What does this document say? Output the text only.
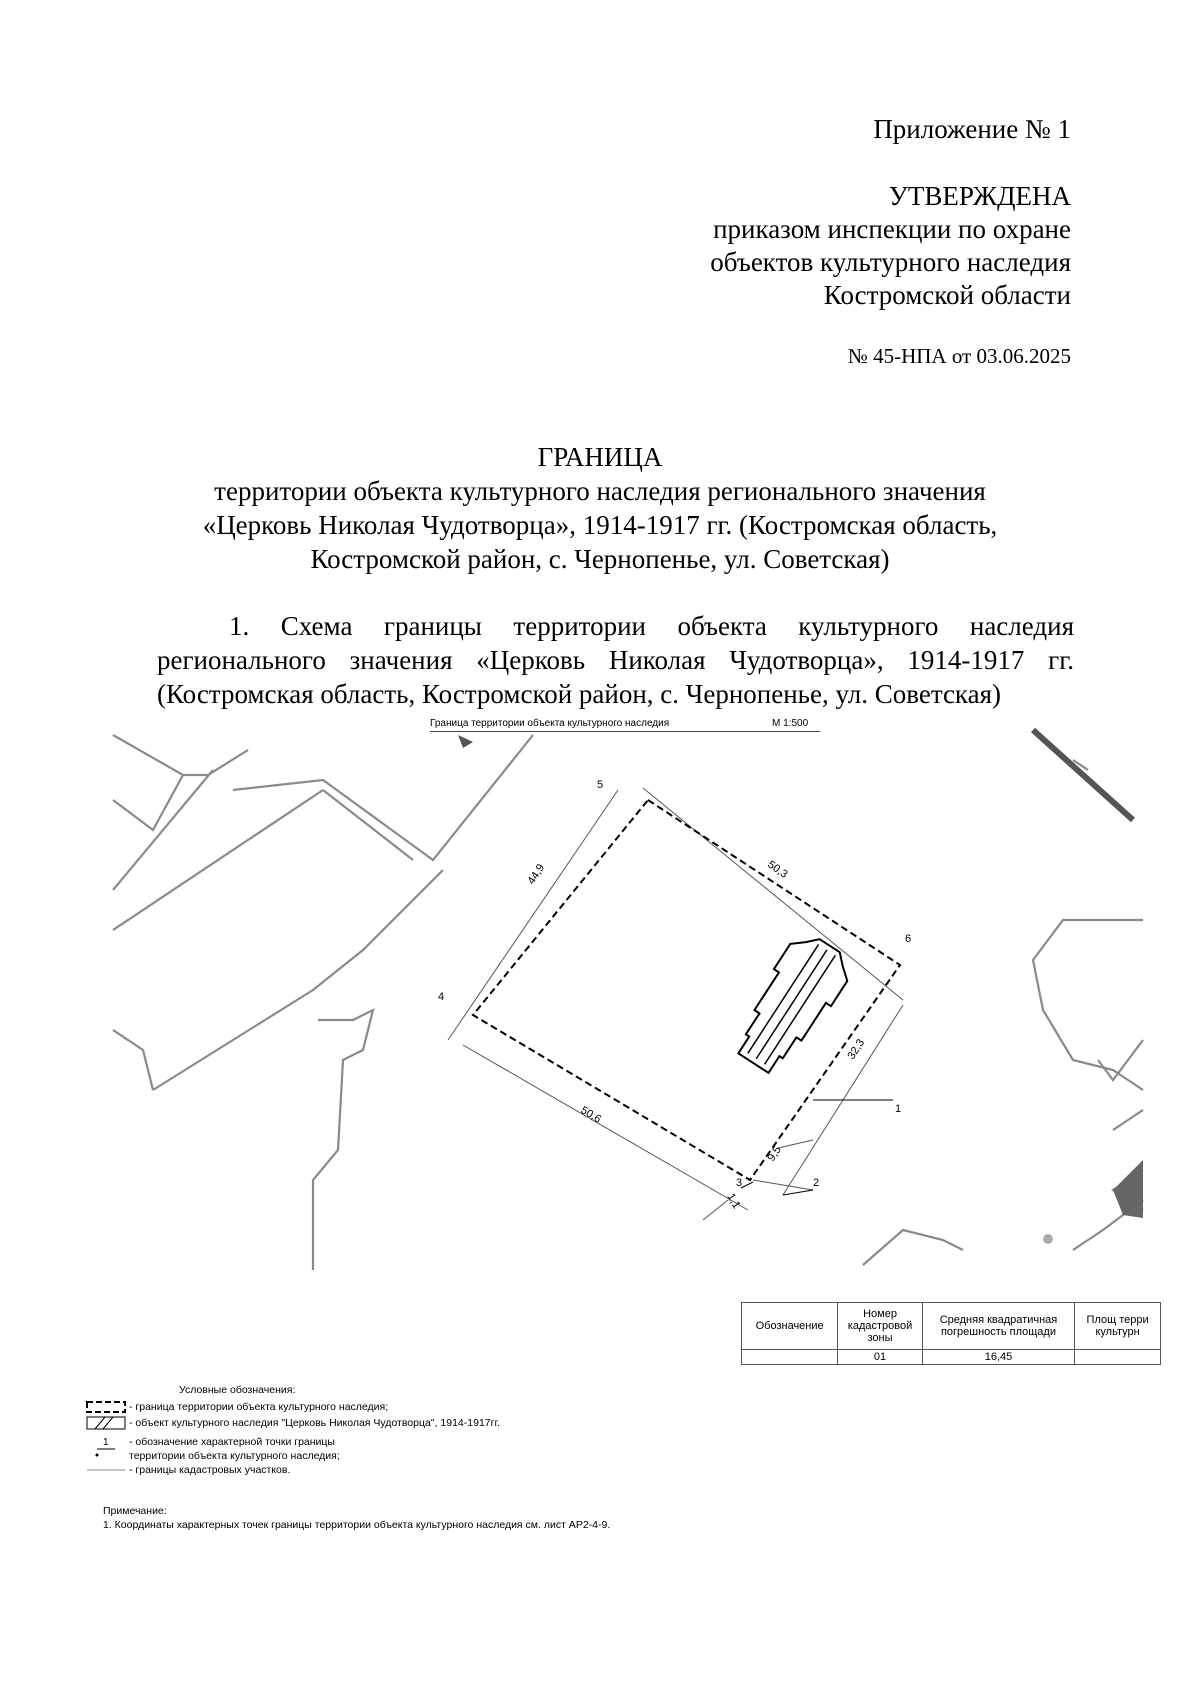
Приложение № 1
УТВЕРЖДЕНА
приказом инспекции по охране
объектов культурного наследия
Костромской области
№ 45-НПА от 03.06.2025
ГРАНИЦА
территории объекта культурного наследия регионального значения
«Церковь Николая Чудотворца», 1914-1917 гг. (Костромская область,
Костромской район, с. Чернопенье, ул. Советская)
1. Схема границы территории объекта культурного наследия
регионального значения «Церковь Николая Чудотворца», 1914-1917 гг.
(Костромская область, Костромской район, с. Чернопенье, ул. Советская)
Граница территории объекта культурного наследия	М 1:500
1
2
3
4
5
6
50,3
44,9
32,3
50,6
9,5
1,1
Обозначение	Номер кадастровой зоны	Средняя квадратичная погрешность площади	Площ терри культурн
	01	16,45	
Условные обозначения:
- граница территории объекта культурного наследия;
- объект культурного наследия "Церковь Николая Чудотворца", 1914-1917гг.
1 - обозначение характерной точки границы
территории объекта культурного наследия;
- границы кадастровых участков.
Примечание:
1. Координаты характерных точек границы территории объекта культурного наследия см. лист АР2-4-9.
